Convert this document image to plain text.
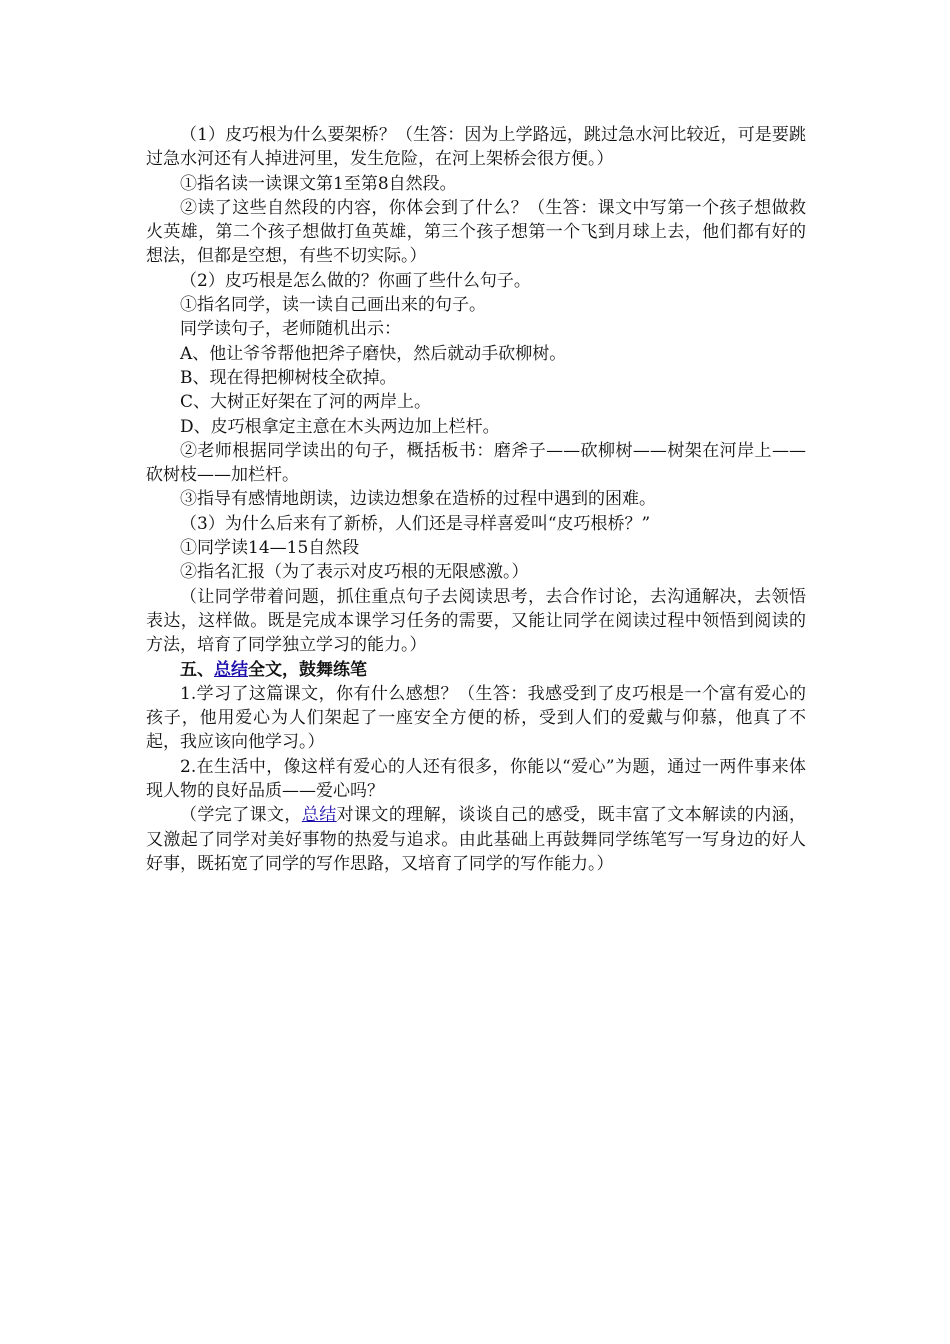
（1）皮巧根为什么要架桥？（生答：因为上学路远，跳过急水河比较近，可是要跳过急水河还有人掉进河里，发生危险，在河上架桥会很方便。）

①指名读一读课文第1至第8自然段。

②读了这些自然段的内容，你体会到了什么？（生答：课文中写第一个孩子想做救火英雄，第二个孩子想做打鱼英雄，第三个孩子想第一个飞到月球上去，他们都有好的想法，但都是空想，有些不切实际。）

（2）皮巧根是怎么做的？你画了些什么句子。

①指名同学，读一读自己画出来的句子。

同学读句子，老师随机出示：

A、他让爷爷帮他把斧子磨快，然后就动手砍柳树。

B、现在得把柳树枝全砍掉。

C、大树正好架在了河的两岸上。

D、皮巧根拿定主意在木头两边加上栏杆。

②老师根据同学读出的句子，概括板书：磨斧子——砍柳树——树架在河岸上——砍树枝——加栏杆。

③指导有感情地朗读，边读边想象在造桥的过程中遇到的困难。

（3）为什么后来有了新桥，人们还是寻样喜爱叫“皮巧根桥？”

①同学读14—15自然段

②指名汇报（为了表示对皮巧根的无限感激。）

（让同学带着问题，抓住重点句子去阅读思考，去合作讨论，去沟通解决，去领悟表达，这样做。既是完成本课学习任务的需要，又能让同学在阅读过程中领悟到阅读的方法，培育了同学独立学习的能力。）

五、总结全文，鼓舞练笔

1.学习了这篇课文，你有什么感想？（生答：我感受到了皮巧根是一个富有爱心的孩子，他用爱心为人们架起了一座安全方便的桥，受到人们的爱戴与仰慕，他真了不起，我应该向他学习。）

2.在生活中，像这样有爱心的人还有很多，你能以“爱心”为题，通过一两件事来体现人物的良好品质——爱心吗？

（学完了课文，总结对课文的理解，谈谈自己的感受，既丰富了文本解读的内涵，又激起了同学对美好事物的热爱与追求。由此基础上再鼓舞同学练笔写一写身边的好人好事，既拓宽了同学的写作思路，又培育了同学的写作能力。）
